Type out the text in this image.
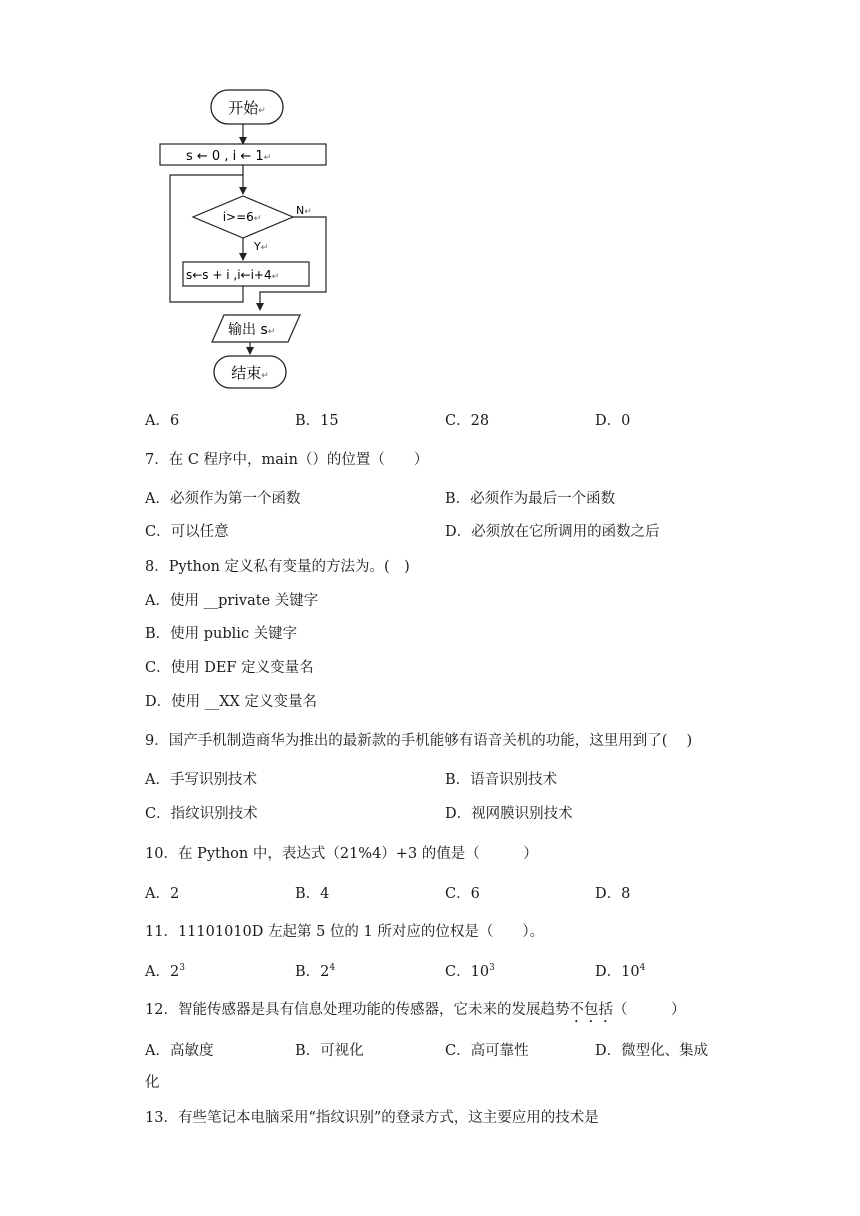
开始↵
s ← 0 , i ← 1↵
i>=6↵
N↵
Y↵
s←s + i ,i←i+4↵
输出 s↵
结束↵
A．6	B．15	C．28	D．0
7．在 C 程序中，main（）的位置（　　）
A．必须作为第一个函数	B．必须作为最后一个函数
C．可以任意	D．必须放在它所调用的函数之后
8．Python 定义私有变量的方法为。(　)
A．使用 __private 关键字
B．使用 public 关键字
C．使用 DEF 定义变量名
D．使用 __XX 定义变量名
9．国产手机制造商华为推出的最新款的手机能够有语音关机的功能，这里用到了(　 )
A．手写识别技术	B．语音识别技术
C．指纹识别技术	D．视网膜识别技术
10．在 Python 中，表达式（21%4）+3 的值是（　　　）
A．2	B．4	C．6	D．8
11．11101010D 左起第 5 位的 1 所对应的位权是（　　）。
A．$2^3$	B．$2^4$	C．$10^3$	D．$10^4$
12．智能传感器是具有信息处理功能的传感器，它未来的发展趋势不包括（　　　）
A．高敏度	B．可视化	C．高可靠性	D．微型化、集成
化
13．有些笔记本电脑采用“指纹识别”的登录方式，这主要应用的技术是
